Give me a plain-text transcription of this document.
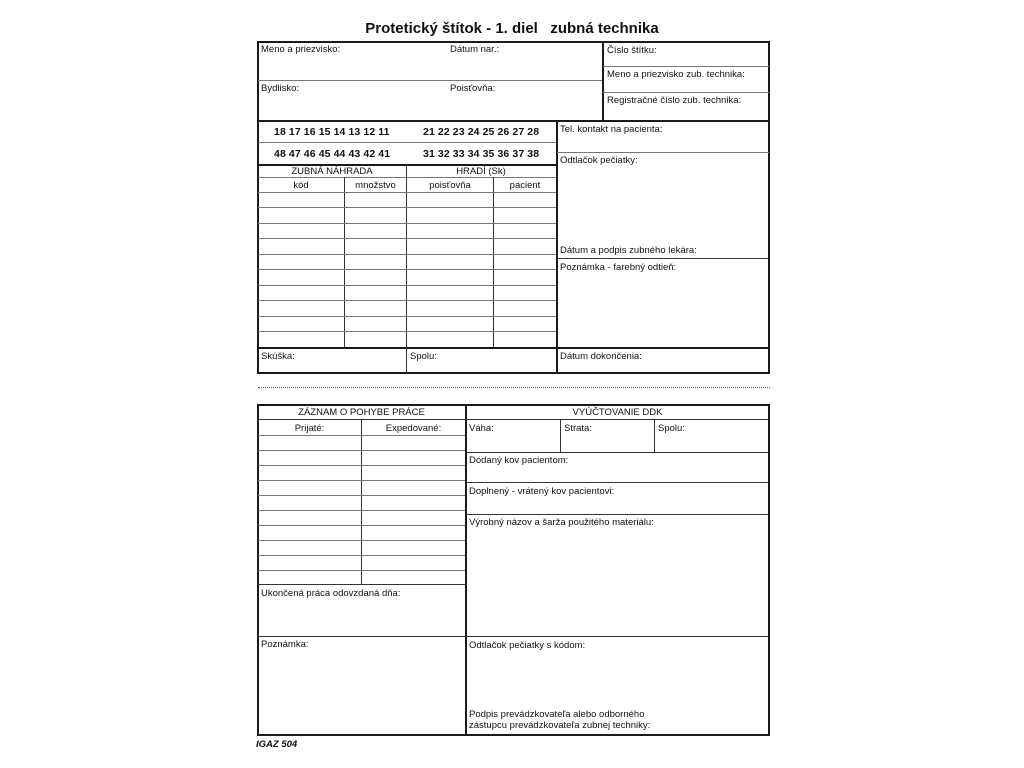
Protetický štítok - 1. diel   zubná technika
Meno a priezvisko:	Dátum nar.:
Bydlisko:	Poisťovňa:
Číslo štítku:
Meno a priezvisko zub. technika:
Registračné číslo zub. technika:
18 17 16 15 14 13 12 11	21 22 23 24 25 26 27 28
48 47 46 45 44 43 42 41	31 32 33 34 35 36 37 38
ZUBNÁ NÁHRADA	HRADÍ (Sk)
kód	množstvo	poisťovňa	pacient
Tel. kontakt na pacienta:
Odtlačok pečiatky:
Dátum a podpis zubného lekára:
Poznámka - farebný odtieň:
Skúška:	Spolu:	Dátum dokončenia:
ZÁZNAM O POHYBE PRÁCE
Prijaté:	Expedované:
Ukončená práca odovzdaná dňa:
Poznámka:
VYÚČTOVANIE DDK
Váha:	Strata:	Spolu:
Dodaný kov pacientom:
Doplnený - vrátený kov pacientovi:
Výrobný názov a šarža použitého materiálu:
Odtlačok pečiatky s kódom:
Podpis prevádzkovateľa alebo odborného
zástupcu prevádzkovateľa zubnej techniky:
IGAZ 504
